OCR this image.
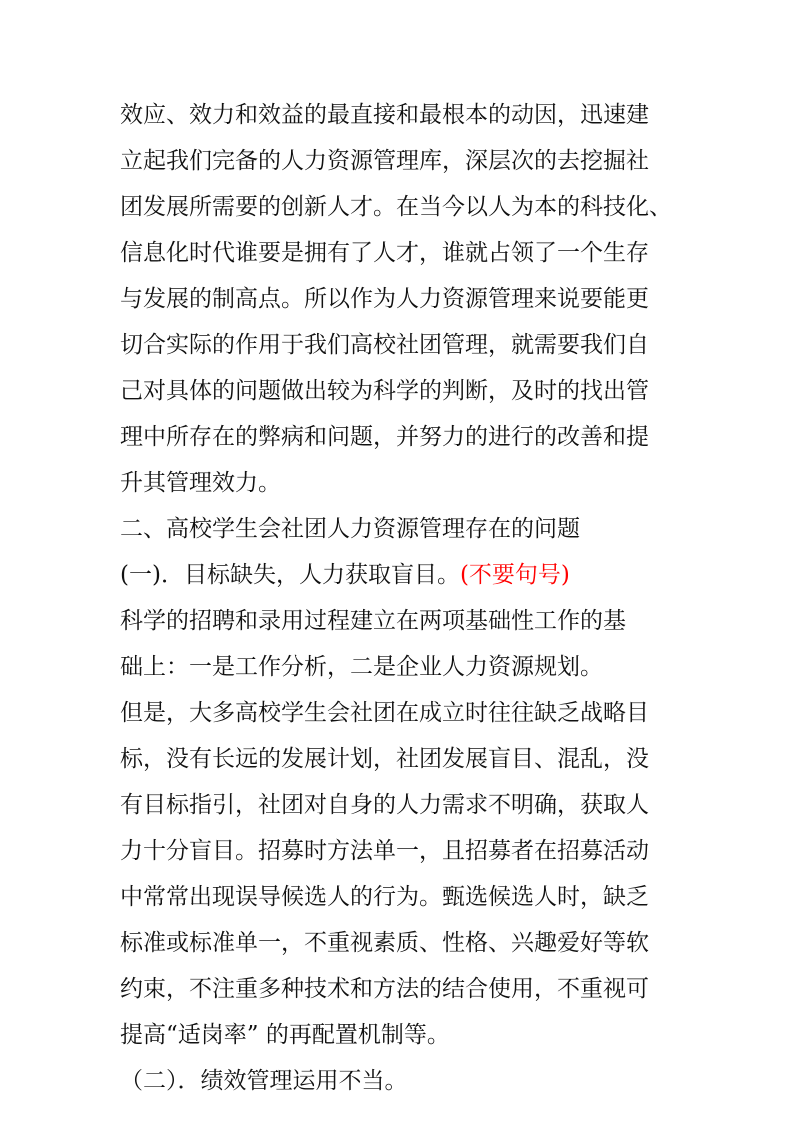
效应、效力和效益的最直接和最根本的动因，迅速建
立起我们完备的人力资源管理库，深层次的去挖掘社
团发展所需要的创新人才。在当今以人为本的科技化、
信息化时代谁要是拥有了人才，谁就占领了一个生存
与发展的制高点。所以作为人力资源管理来说要能更
切合实际的作用于我们高校社团管理，就需要我们自
己对具体的问题做出较为科学的判断，及时的找出管
理中所存在的弊病和问题，并努力的进行的改善和提
升其管理效力。
二、高校学生会社团人力资源管理存在的问题
(一)．目标缺失，人力获取盲目。(不要句号)
科学的招聘和录用过程建立在两项基础性工作的基
础上：一是工作分析，二是企业人力资源规划。
但是，大多高校学生会社团在成立时往往缺乏战略目
标，没有长远的发展计划，社团发展盲目、混乱，没
有目标指引，社团对自身的人力需求不明确，获取人
力十分盲目。招募时方法单一，且招募者在招募活动
中常常出现误导候选人的行为。甄选候选人时，缺乏
标准或标准单一，不重视素质、性格、兴趣爱好等软
约束，不注重多种技术和方法的结合使用，不重视可
提高“适岗率” 的再配置机制等。
（二）．绩效管理运用不当。
